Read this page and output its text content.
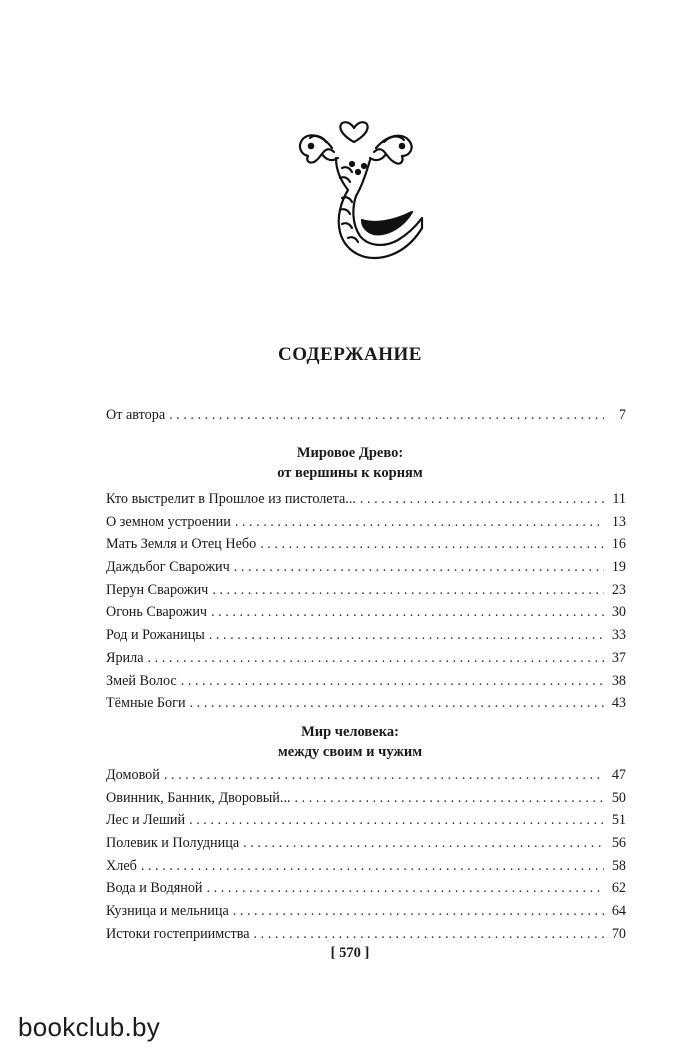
СОДЕРЖАНИЕ
От автора . . .	7
Мировое Древо:
от вершины к корням
Кто выстрелит в Прошлое из пистолета... . . .	11
О земном устроении . . .	13
Мать Земля и Отец Небо . . .	16
Даждьбог Сварожич . . .	19
Перун Сварожич . . .	23
Огонь Сварожич . . .	30
Род и Рожаницы . . .	33
Ярила . . .	37
Змей Волос . . .	38
Тёмные Боги . . .	43
Мир человека:
между своим и чужим
Домовой . . .	47
Овинник, Банник, Дворовый... . . .	50
Лес и Леший . . .	51
Полевик и Полудница . . .	56
Хлеб . . .	58
Вода и Водяной . . .	62
Кузница и мельница . . .	64
Истоки гостеприимства . . .	70
[ 570 ]
bookclub.by
